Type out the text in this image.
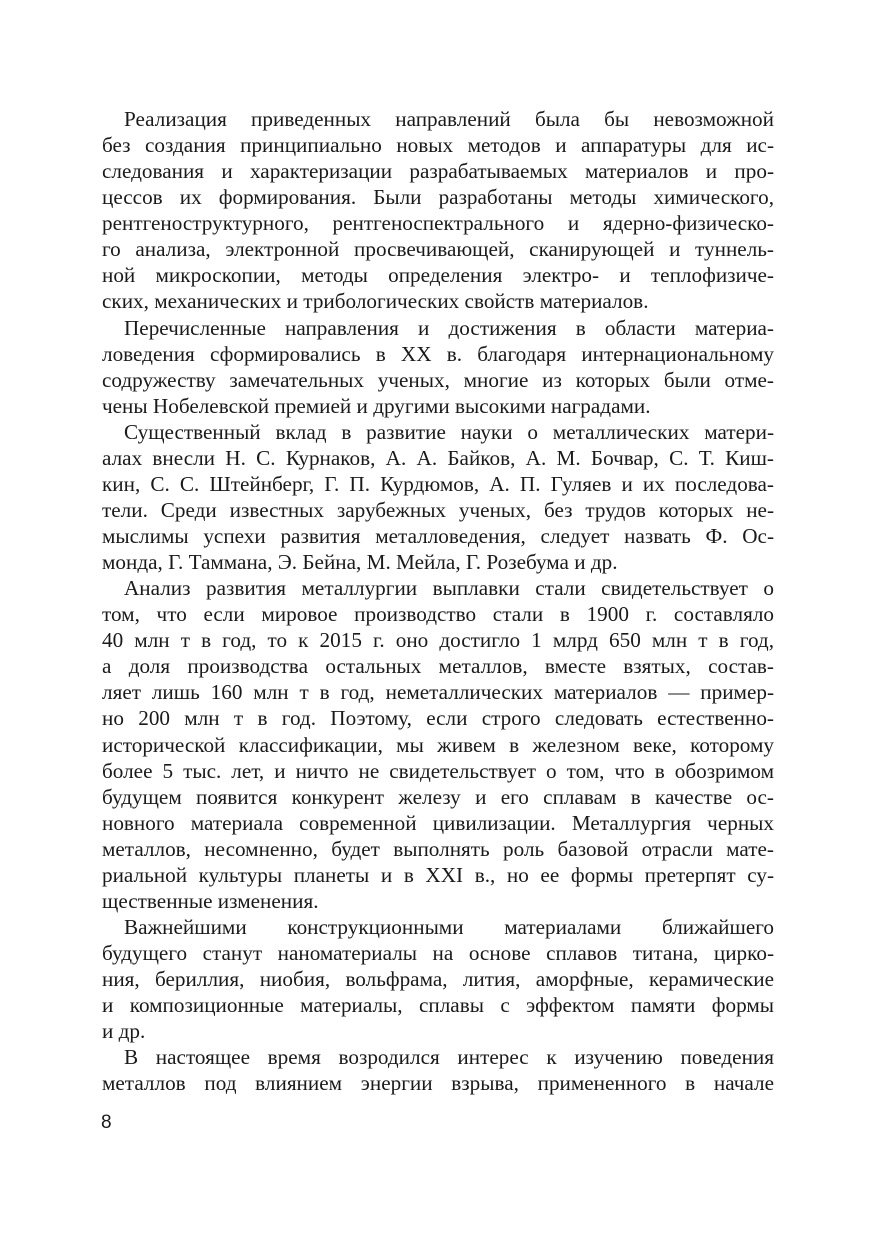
Реализация приведенных направлений была бы невозможной
без создания принципиально новых методов и аппаратуры для ис-
следования и характеризации разрабатываемых материалов и про-
цессов их формирования. Были разработаны методы химического,
рентгеноструктурного, рентгеноспектрального и ядерно-физическо-
го анализа, электронной просвечивающей, сканирующей и туннель-
ной микроскопии, методы определения электро- и теплофизиче-
ских, механических и трибологических свойств материалов.
Перечисленные направления и достижения в области материа-
ловедения сформировались в XX в. благодаря интернациональному
содружеству замечательных ученых, многие из которых были отме-
чены Нобелевской премией и другими высокими наградами.
Существенный вклад в развитие науки о металлических матери-
алах внесли Н. С. Курнаков, А. А. Байков, А. М. Бочвар, С. Т. Киш-
кин, С. С. Штейнберг, Г. П. Курдюмов, А. П. Гуляев и их последова-
тели. Среди известных зарубежных ученых, без трудов которых не-
мыслимы успехи развития металловедения, следует назвать Ф. Ос-
монда, Г. Таммана, Э. Бейна, М. Мейла, Г. Розебума и др.
Анализ развития металлургии выплавки стали свидетельствует о
том, что если мировое производство стали в 1900 г. составляло
40 млн т в год, то к 2015 г. оно достигло 1 млрд 650 млн т в год,
а доля производства остальных металлов, вместе взятых, состав-
ляет лишь 160 млн т в год, неметаллических материалов — пример-
но 200 млн т в год. Поэтому, если строго следовать естественно-
исторической классификации, мы живем в железном веке, которому
более 5 тыс. лет, и ничто не свидетельствует о том, что в обозримом
будущем появится конкурент железу и его сплавам в качестве ос-
новного материала современной цивилизации. Металлургия черных
металлов, несомненно, будет выполнять роль базовой отрасли мате-
риальной культуры планеты и в XXI в., но ее формы претерпят су-
щественные изменения.
Важнейшими конструкционными материалами ближайшего
будущего станут наноматериалы на основе сплавов титана, цирко-
ния, бериллия, ниобия, вольфрама, лития, аморфные, керамические
и композиционные материалы, сплавы с эффектом памяти формы
и др.
В настоящее время возродился интерес к изучению поведения
металлов под влиянием энергии взрыва, примененного в начале
8
